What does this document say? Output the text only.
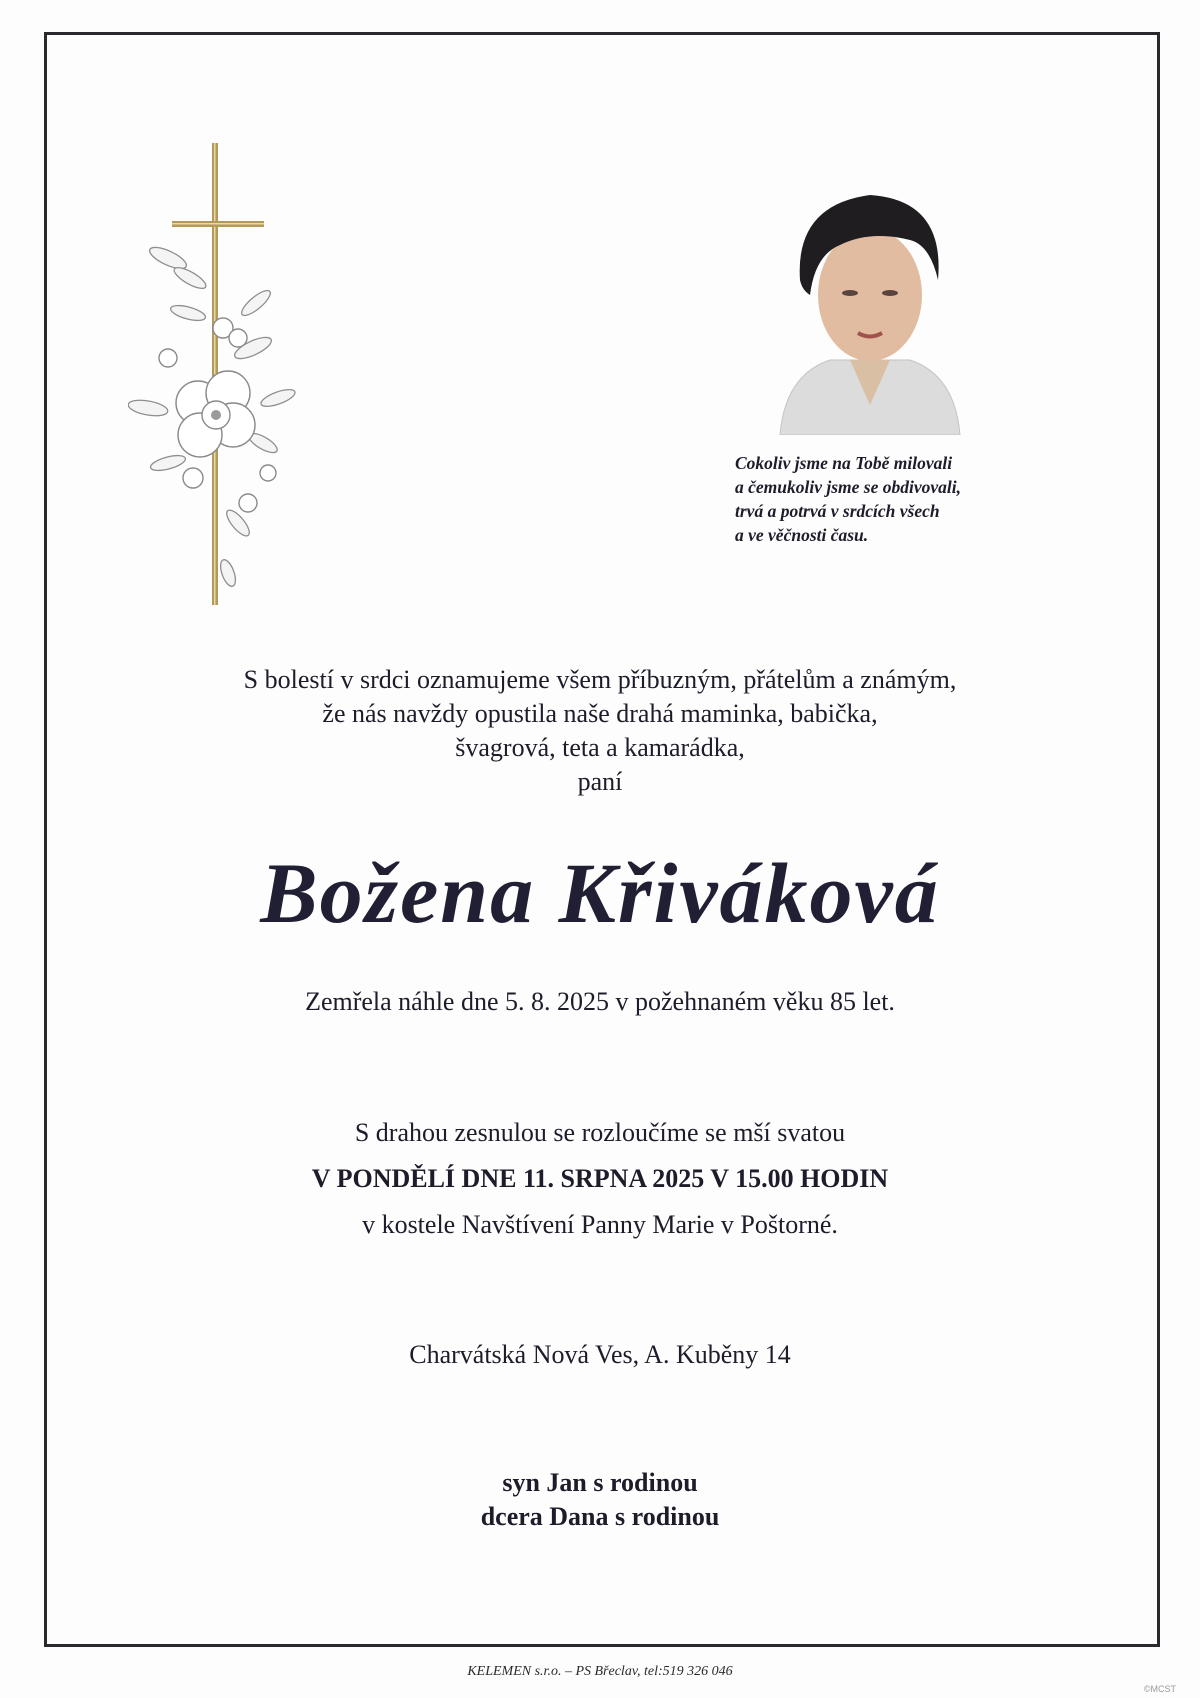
Cokoliv jsme na Tobě milovali
a čemukoliv jsme se obdivovali,
trvá a potrvá v srdcích všech
a ve věčnosti času.
S bolestí v srdci oznamujeme všem příbuzným, přátelům a známým,
že nás navždy opustila naše drahá maminka, babička,
švagrová, teta a kamarádka,
paní
Božena Křiváková
Zemřela náhle dne 5. 8. 2025 v požehnaném věku 85 let.
S drahou zesnulou se rozloučíme se mší svatou
V PONDĚLÍ DNE 11. SRPNA 2025 V 15.00 HODIN
v kostele Navštívení Panny Marie v Poštorné.
Charvátská Nová Ves, A. Kuběny 14
syn Jan s rodinou
dcera Dana s rodinou
KELEMEN s.r.o. – PS Břeclav, tel:519 326 046
©MCST
